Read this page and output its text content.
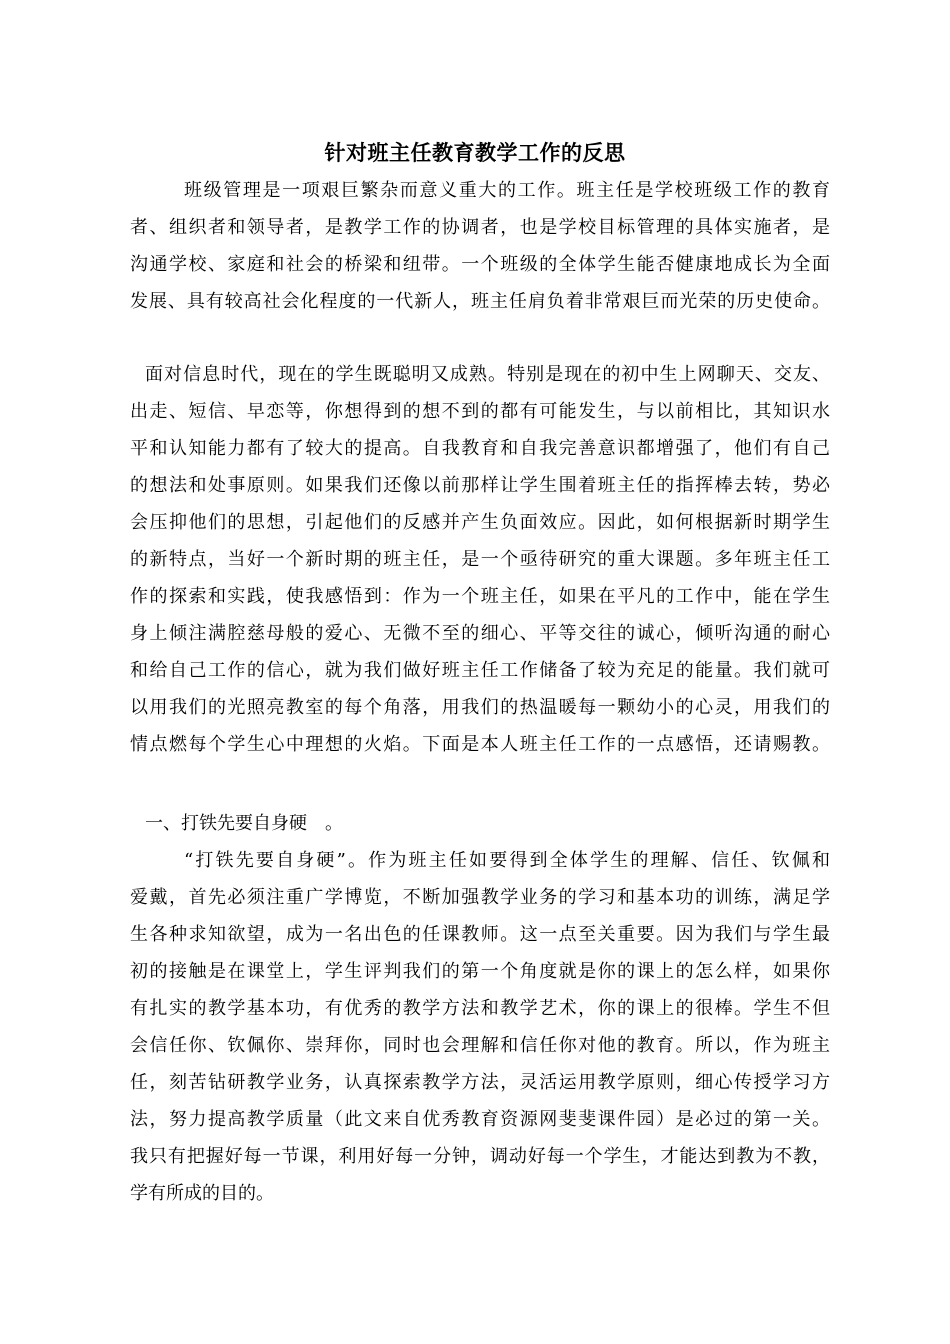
针对班主任教育教学工作的反思
班级管理是一项艰巨繁杂而意义重大的工作。班主任是学校班级工作的教育
者、组织者和领导者，是教学工作的协调者，也是学校目标管理的具体实施者，是
沟通学校、家庭和社会的桥梁和纽带。一个班级的全体学生能否健康地成长为全面
发展、具有较高社会化程度的一代新人，班主任肩负着非常艰巨而光荣的历史使命。
面对信息时代，现在的学生既聪明又成熟。特别是现在的初中生上网聊天、交友、
出走、短信、早恋等，你想得到的想不到的都有可能发生，与以前相比，其知识水
平和认知能力都有了较大的提高。自我教育和自我完善意识都增强了，他们有自己
的想法和处事原则。如果我们还像以前那样让学生围着班主任的指挥棒去转，势必
会压抑他们的思想，引起他们的反感并产生负面效应。因此，如何根据新时期学生
的新特点，当好一个新时期的班主任，是一个亟待研究的重大课题。多年班主任工
作的探索和实践，使我感悟到：作为一个班主任，如果在平凡的工作中，能在学生
身上倾注满腔慈母般的爱心、无微不至的细心、平等交往的诚心，倾听沟通的耐心
和给自己工作的信心，就为我们做好班主任工作储备了较为充足的能量。我们就可
以用我们的光照亮教室的每个角落，用我们的热温暖每一颗幼小的心灵，用我们的
情点燃每个学生心中理想的火焰。下面是本人班主任工作的一点感悟，还请赐教。
一、打铁先要自身硬　。
“打铁先要自身硬”。作为班主任如要得到全体学生的理解、信任、钦佩和
爱戴，首先必须注重广学博览，不断加强教学业务的学习和基本功的训练，满足学
生各种求知欲望，成为一名出色的任课教师。这一点至关重要。因为我们与学生最
初的接触是在课堂上，学生评判我们的第一个角度就是你的课上的怎么样，如果你
有扎实的教学基本功，有优秀的教学方法和教学艺术，你的课上的很棒。学生不但
会信任你、钦佩你、崇拜你，同时也会理解和信任你对他的教育。所以，作为班主
任，刻苦钻研教学业务，认真探索教学方法，灵活运用教学原则，细心传授学习方
法，努力提高教学质量（此文来自优秀教育资源网斐斐课件园）是必过的第一关。
我只有把握好每一节课，利用好每一分钟，调动好每一个学生，才能达到教为不教，
学有所成的目的。
